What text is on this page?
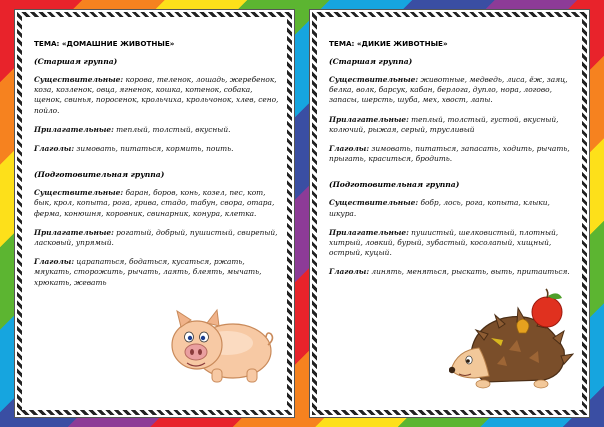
ТЕМА: «ДОМАШНИЕ ЖИВОТНЫЕ»
(Старшая группа)
Существительные: корова, теленок, лошадь, жеребенок, коза, козленок, овца, ягненок, кошка, котенок, собака, щенок, свинья, поросенок, крольчиха, крольчонок, хлев, сено, пойло.
Прилагательные: теплый, толстый, вкусный.
Глаголы: зимовать, питаться, кормить, поить.
(Подготовительная группа)
Существительные: баран, боров, конь, козел, пес, кот, бык, крол, копыта, рога, грива, стадо, табун, свора, отара, ферма, конюшня, коровник, свинарник, конура, клетка.
Прилагательные: рогатый, добрый, пушистый, свирепый, ласковый, упрямый.
Глаголы: царапаться, бодаться, кусаться, ржать, мяукать, сторожить, рычать, лаять, блеять, мычать, хрюкать, жевать
ТЕМА: «ДИКИЕ ЖИВОТНЫЕ»
(Старшая группа)
Существительные: животные, медведь, лиса, ёж, заяц, белка, волк, барсук, кабан, берлога, дупло, нора, логово, запасы, шерсть, шуба, мех, хвост, лапы.
Прилагательные: теплый, толстый, густой, вкусный, колючий, рыжая, серый, трусливый
Глаголы: зимовать, питаться, запасать, ходить, рычать, прыгать, краситься, бродить.
(Подготовительная группа)
Существительные: бобр, лось, рога, копыта, клыки, шкура.
Прилагательные: пушистый, шелковистый, плотный, хитрый, ловкий, бурый, зубастый, косолапый, хищный, острый, куцый.
Глаголы: линять, меняться, рыскать, выть, притаиться.
